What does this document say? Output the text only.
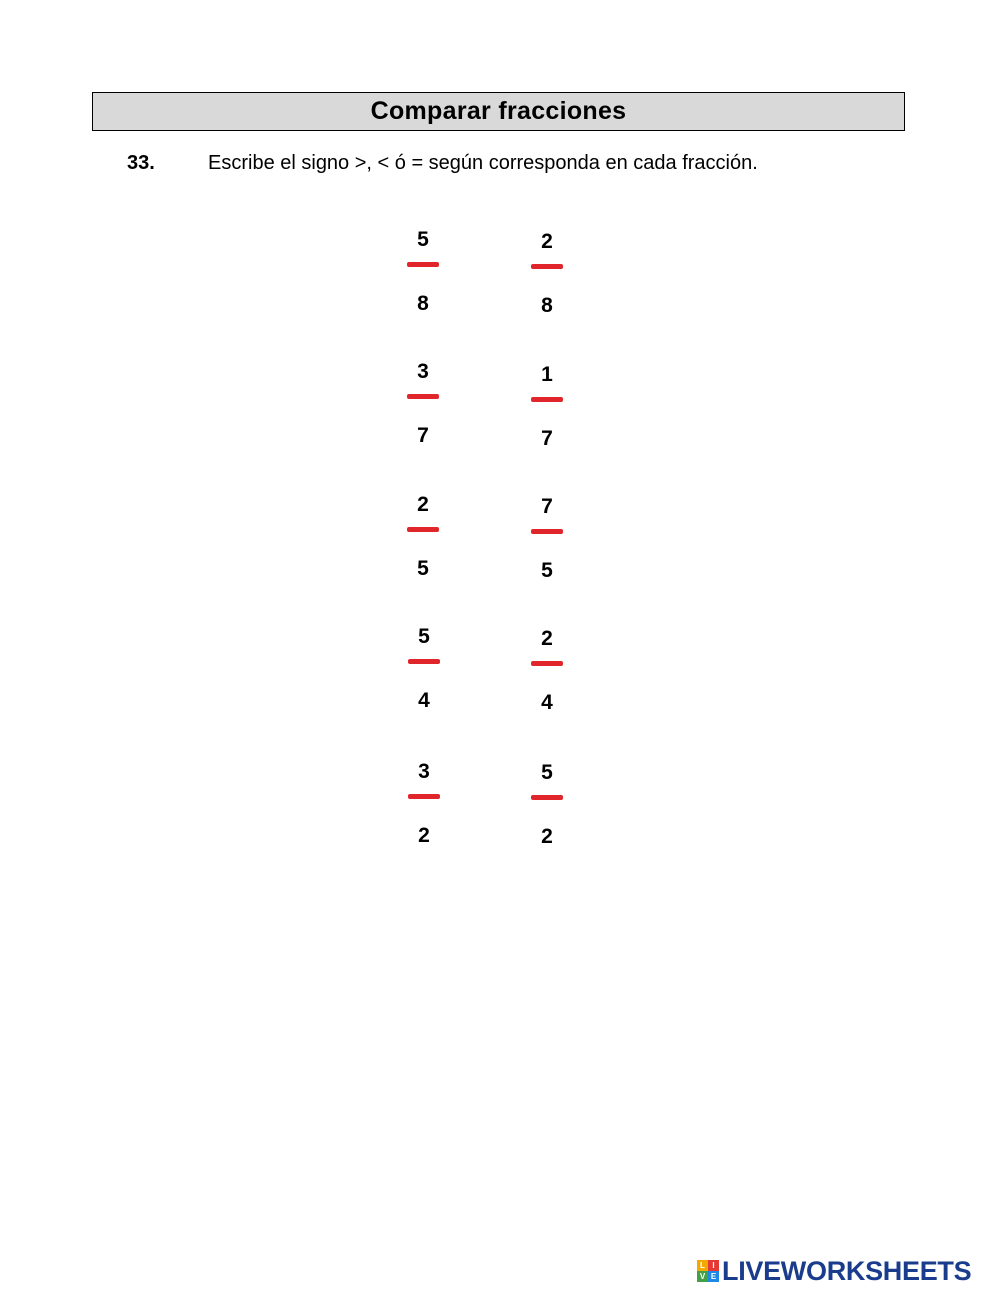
Comparar fracciones
33.	Escribe el signo >, < ó = según corresponda en cada fracción.
5
8
2
8
3
7
1
7
2
5
7
5
5
4
2
4
3
2
5
2
L I
V E LIVEWORKSHEETS
